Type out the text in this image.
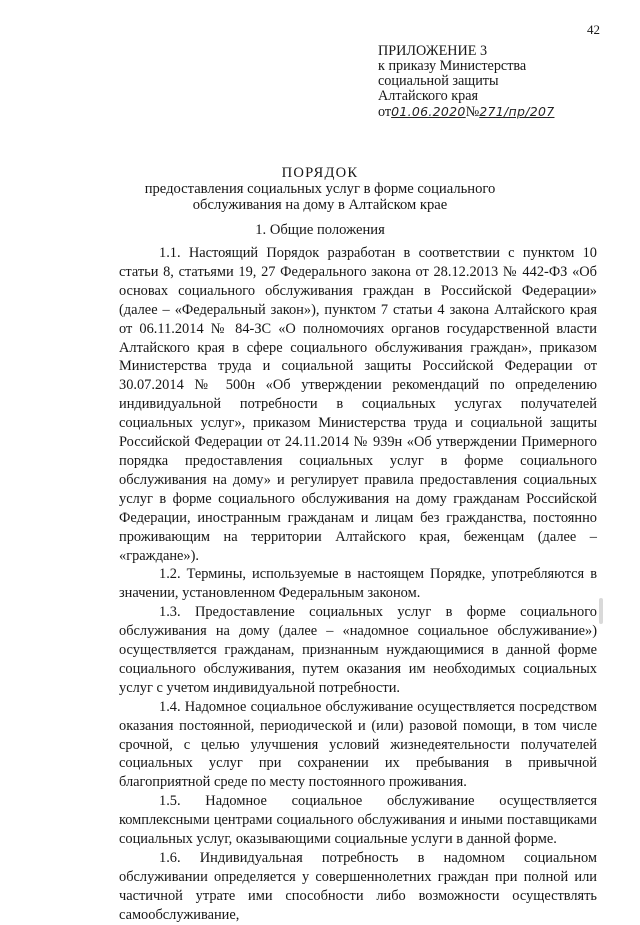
42
ПРИЛОЖЕНИЕ 3
к приказу Министерства
социальной защиты
Алтайского края
от01.06.2020№271/пр/207
ПОРЯДОК
предоставления социальных услуг в форме социального
обслуживания на дому в Алтайском крае
1. Общие положения

1.1. Настоящий Порядок разработан в соответствии с пунктом 10 статьи 8, статьями 19, 27 Федерального закона от 28.12.2013 № 442-ФЗ «Об основах социального обслуживания граждан в Российской Федерации» (далее – «Федеральный закон»), пунктом 7 статьи 4 закона Алтайского края от 06.11.2014 № 84-ЗС «О полномочиях органов государственной власти Алтайского края в сфере социального обслуживания граждан», приказом Министерства труда и социальной защиты Российской Федерации от 30.07.2014 № 500н «Об утверждении рекомендаций по определению индивидуальной потребности в социальных услугах получателей социальных услуг», приказом Министерства труда и социальной защиты Российской Федерации от 24.11.2014 № 939н «Об утверждении Примерного порядка предоставления социальных услуг в форме социального обслуживания на дому» и регулирует правила предоставления социальных услуг в форме социального обслуживания на дому гражданам Российской Федерации, иностранным гражданам и лицам без гражданства, постоянно проживающим на территории Алтайского края, беженцам (далее – «граждане»).

1.2. Термины, используемые в настоящем Порядке, употребляются в значении, установленном Федеральным законом.

1.3. Предоставление социальных услуг в форме социального обслуживания на дому (далее – «надомное социальное обслуживание») осуществляется гражданам, признанным нуждающимися в данной форме социального обслуживания, путем оказания им необходимых социальных услуг с учетом индивидуальной потребности.

1.4. Надомное социальное обслуживание осуществляется посредством оказания постоянной, периодической и (или) разовой помощи, в том числе срочной, с целью улучшения условий жизнедеятельности получателей социальных услуг при сохранении их пребывания в привычной благоприятной среде по месту постоянного проживания.

1.5. Надомное социальное обслуживание осуществляется комплексными центрами социального обслуживания и иными поставщиками социальных услуг, оказывающими социальные услуги в данной форме.

1.6. Индивидуальная потребность в надомном социальном обслуживании определяется у совершеннолетних граждан при полной или частичной утрате ими способности либо возможности осуществлять самообслуживание,
